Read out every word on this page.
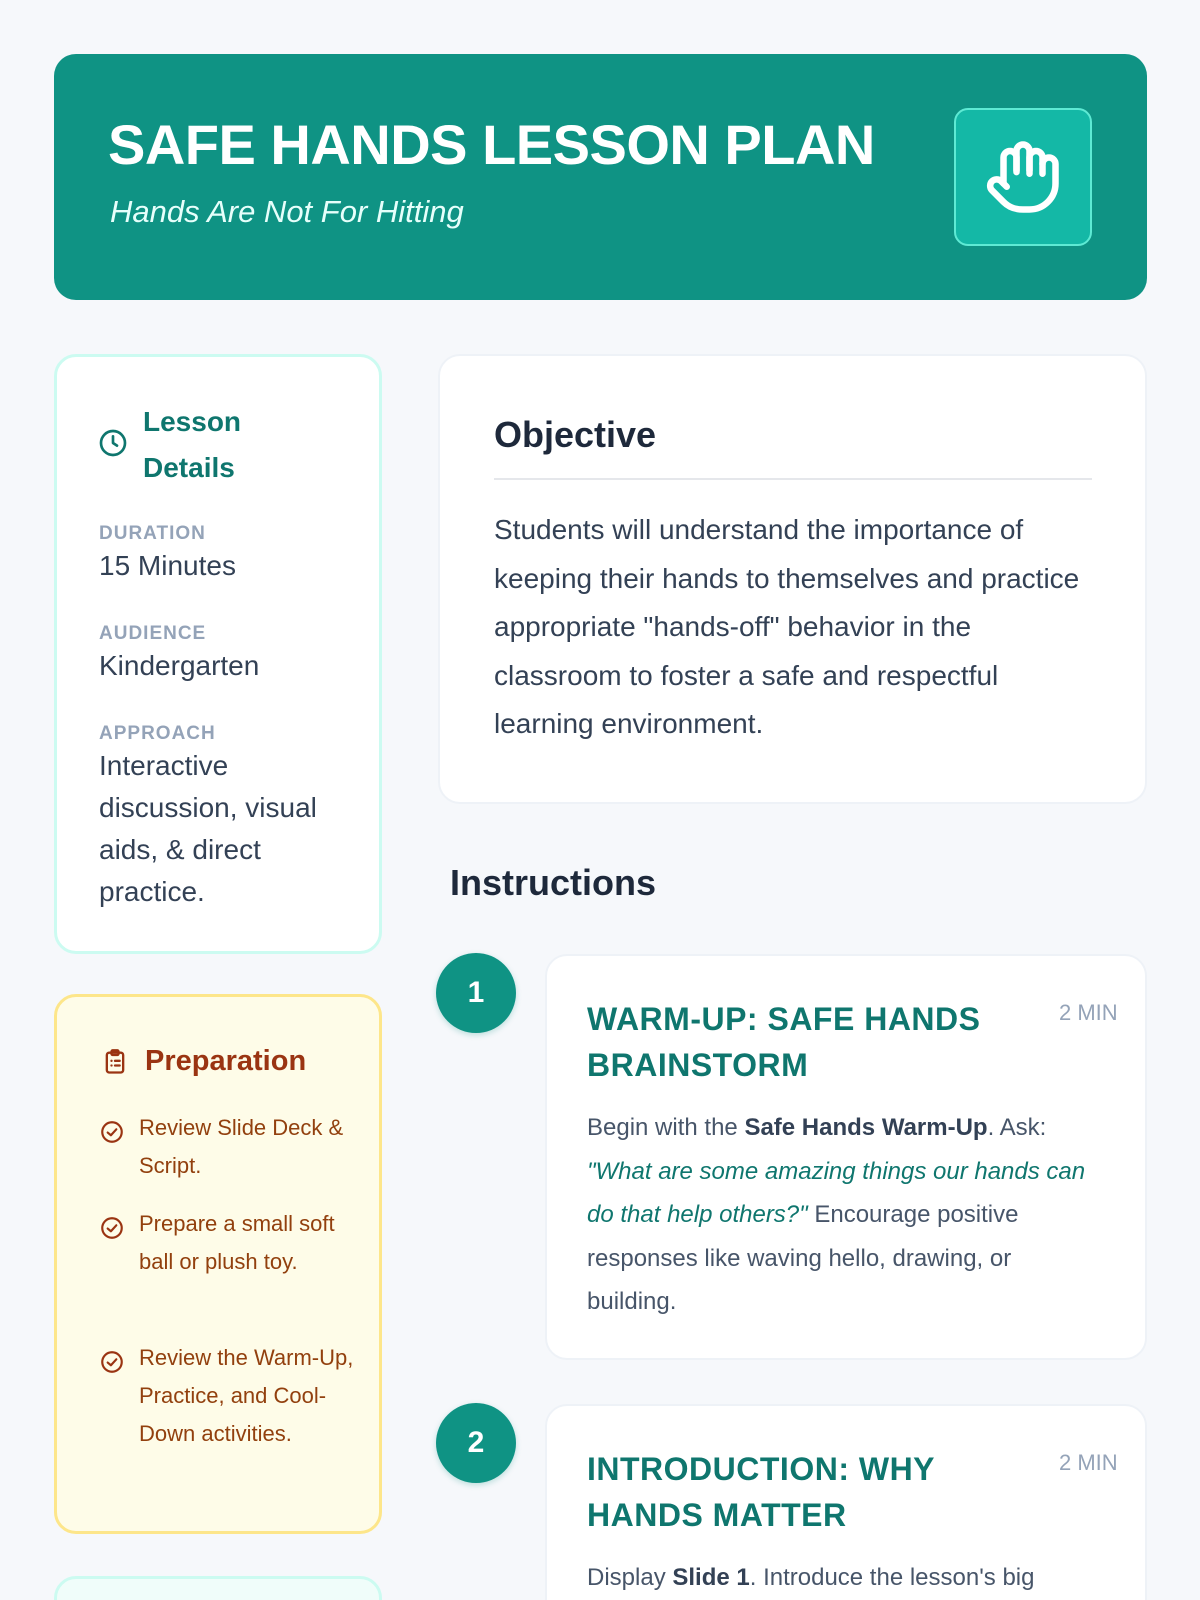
SAFE HANDS LESSON PLAN
Hands Are Not For Hitting
Lesson Details
DURATION
15 Minutes
AUDIENCE
Kindergarten
APPROACH
Interactive discussion, visual aids, & direct practice.
Preparation
Review Slide Deck & Script.
Prepare a small soft ball or plush toy.
Review the Warm-Up, Practice, and Cool-Down activities.
Objective
Students will understand the importance of keeping their hands to themselves and practice appropriate "hands-off" behavior in the classroom to foster a safe and respectful learning environment.
Instructions
1
WARM-UP: SAFE HANDS BRAINSTORM
2 MIN
Begin with the Safe Hands Warm-Up. Ask: "What are some amazing things our hands can do that help others?" Encourage positive responses like waving hello, drawing, or building.
2
INTRODUCTION: WHY HANDS MATTER
2 MIN
Display Slide 1. Introduce the lesson's big
